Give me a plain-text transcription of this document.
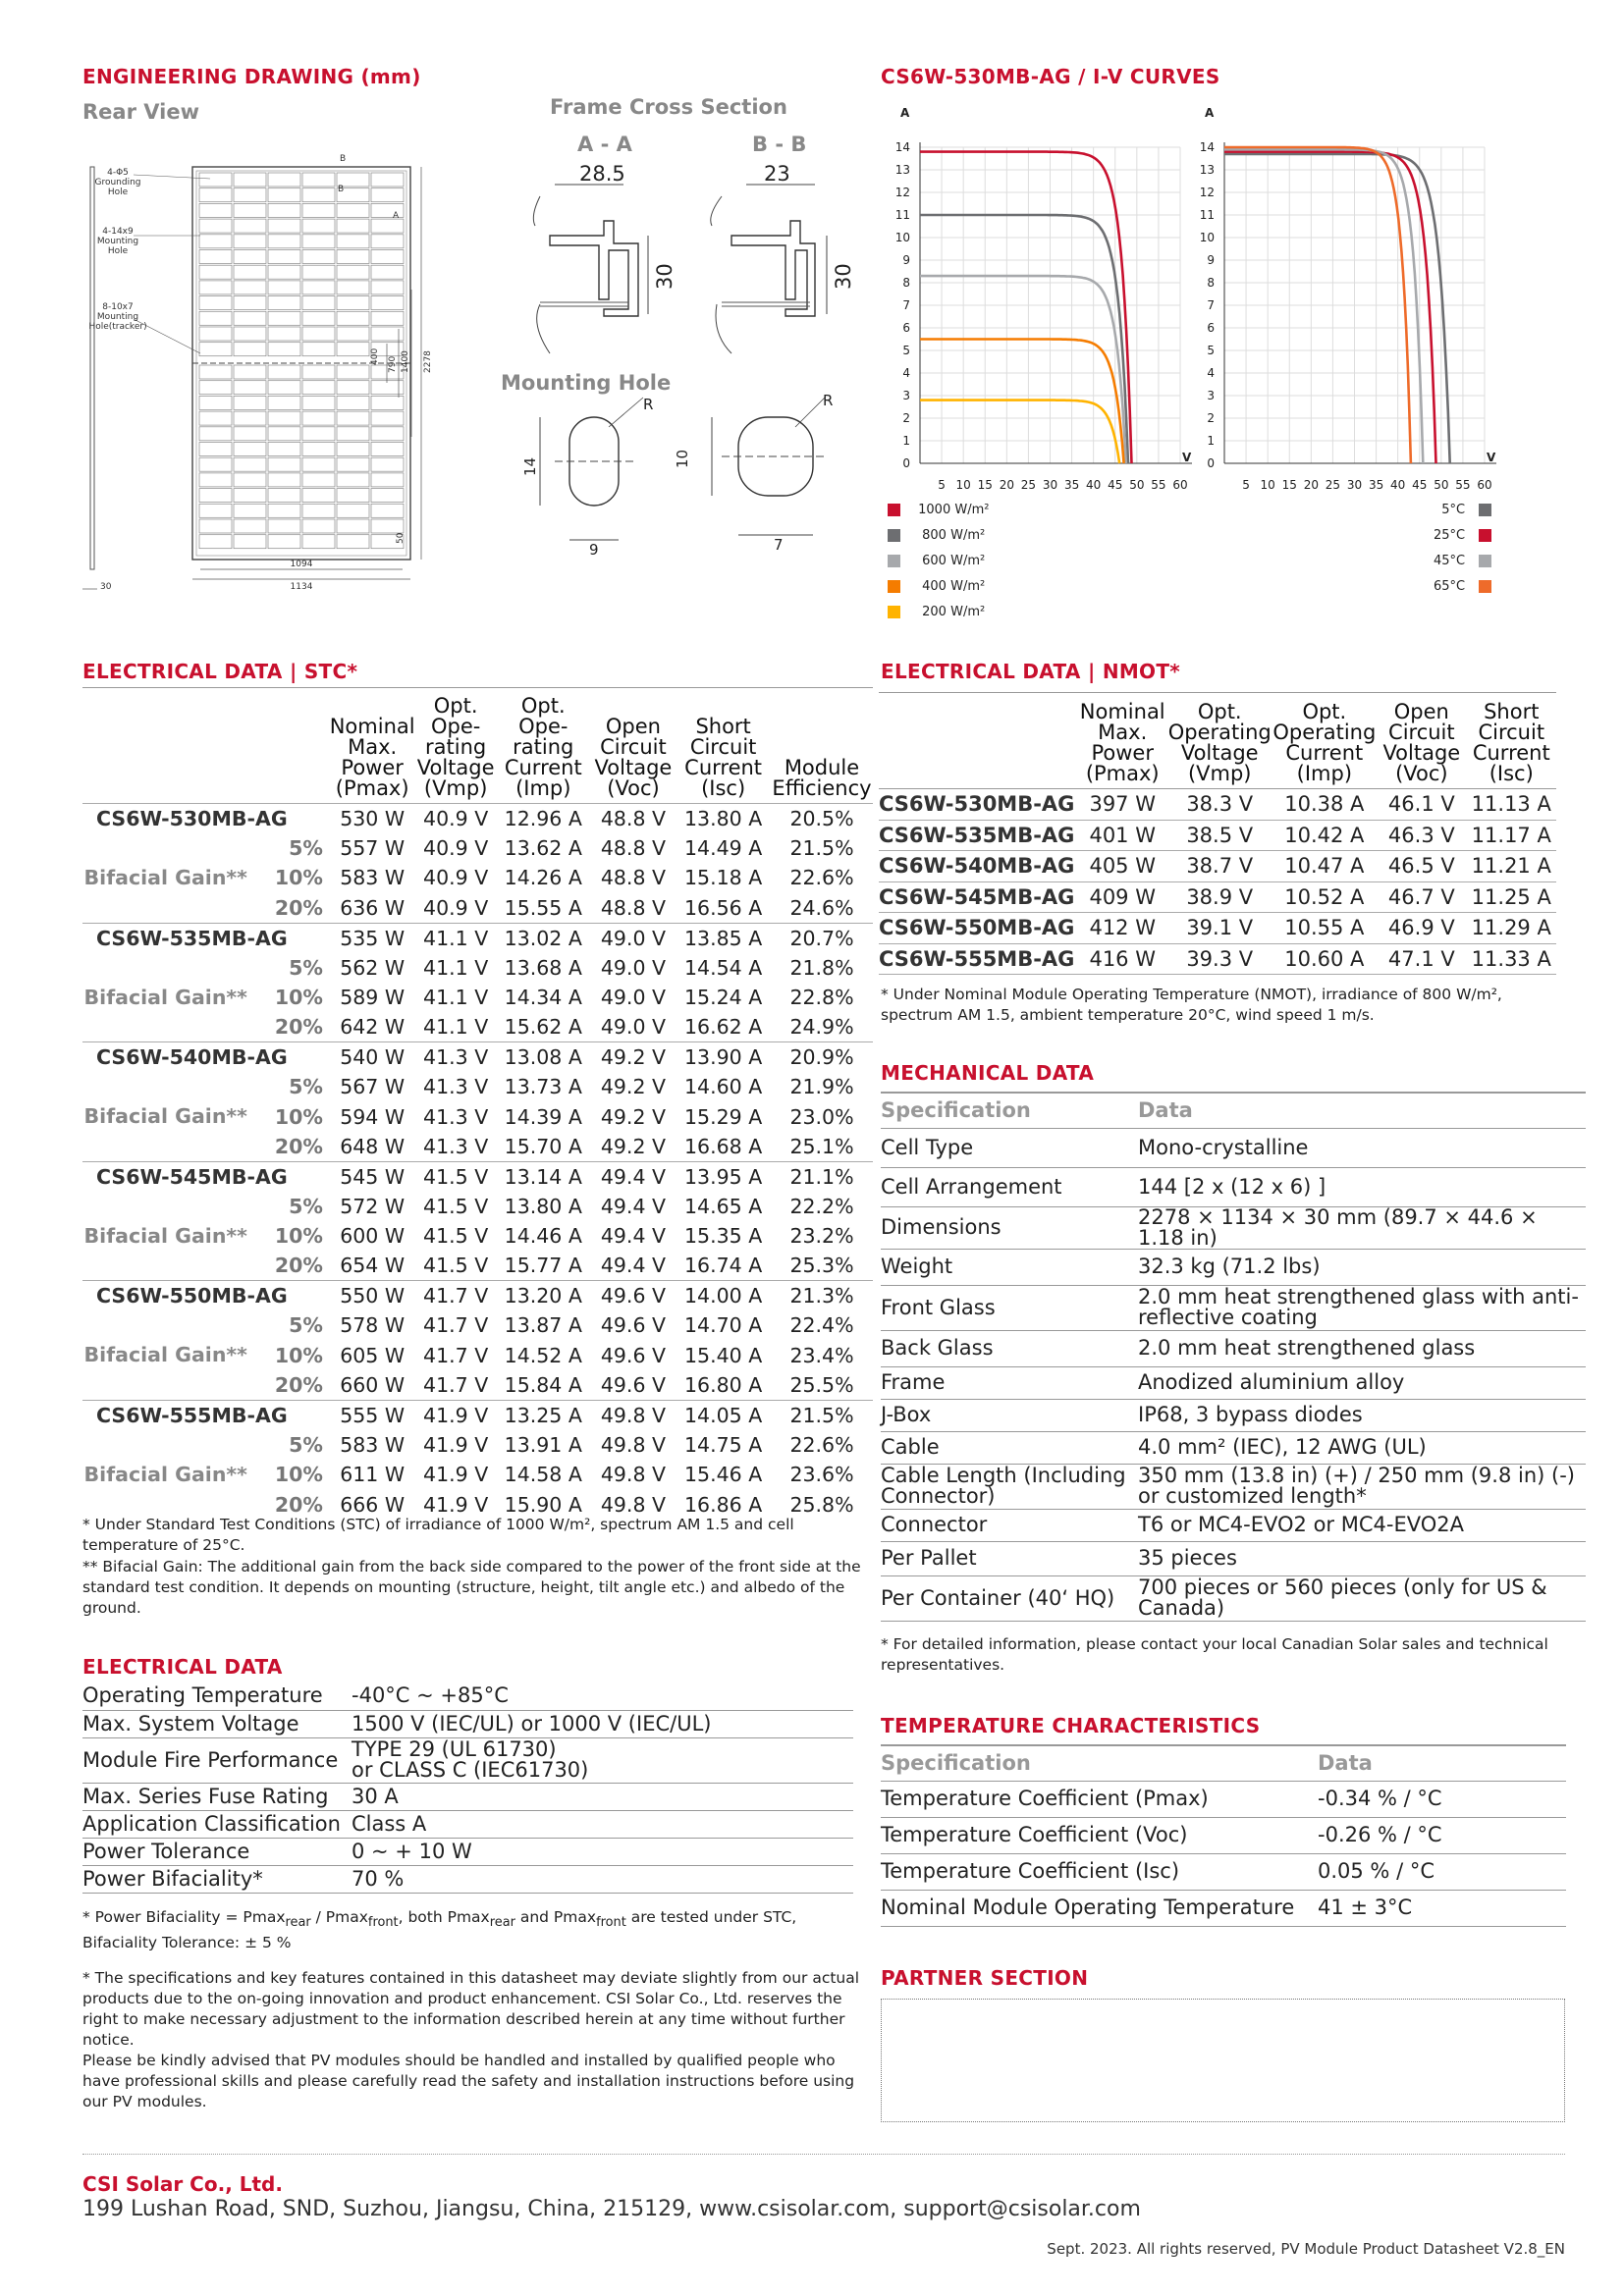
ENGINEERING DRAWING (mm)
Rear View	Frame Cross Section
Mounting Hole
4-Φ5 Grounding Hole
4-14x9 Mounting Hole
8-10x7 Mounting Hole(tracker)
B
B
A
400 790 1400 2278
50
1094
1134
30
A - A	B - B
28.5
30
23
30
14
9
R
10
7
R
CS6W-530MB-AG / I-V CURVES
A
V
0
1
2
3
4
5
6
7
8
9
10
11
12
13
14
5 10 15 20 25 30 35 40 45 50 55 60
A
V
0
1
2
3
4
5
6
7
8
9
10
11
12
13
14
5 10 15 20 25 30 35 40 45 50 55 60
1000 W/m²
800 W/m²
600 W/m²
400 W/m²
200 W/m²
5°C
25°C
45°C
65°C
ELECTRICAL DATA | STC*
		Nominal Max. Power (Pmax)	Opt. Ope-rating Voltage (Vmp)	Opt. Ope-rating Current (Imp)	Open Circuit Voltage (Voc)	Short Circuit Current (Isc)	Module Efficiency
CS6W-530MB-AG		530 W	40.9 V	12.96 A	48.8 V	13.80 A	20.5%
Bifacial Gain**	5%	557 W	40.9 V	13.62 A	48.8 V	14.49 A	21.5%
	10%	583 W	40.9 V	14.26 A	48.8 V	15.18 A	22.6%
	20%	636 W	40.9 V	15.55 A	48.8 V	16.56 A	24.6%
CS6W-535MB-AG		535 W	41.1 V	13.02 A	49.0 V	13.85 A	20.7%
Bifacial Gain**	5%	562 W	41.1 V	13.68 A	49.0 V	14.54 A	21.8%
	10%	589 W	41.1 V	14.34 A	49.0 V	15.24 A	22.8%
	20%	642 W	41.1 V	15.62 A	49.0 V	16.62 A	24.9%
CS6W-540MB-AG		540 W	41.3 V	13.08 A	49.2 V	13.90 A	20.9%
Bifacial Gain**	5%	567 W	41.3 V	13.73 A	49.2 V	14.60 A	21.9%
	10%	594 W	41.3 V	14.39 A	49.2 V	15.29 A	23.0%
	20%	648 W	41.3 V	15.70 A	49.2 V	16.68 A	25.1%
CS6W-545MB-AG		545 W	41.5 V	13.14 A	49.4 V	13.95 A	21.1%
Bifacial Gain**	5%	572 W	41.5 V	13.80 A	49.4 V	14.65 A	22.2%
	10%	600 W	41.5 V	14.46 A	49.4 V	15.35 A	23.2%
	20%	654 W	41.5 V	15.77 A	49.4 V	16.74 A	25.3%
CS6W-550MB-AG		550 W	41.7 V	13.20 A	49.6 V	14.00 A	21.3%
Bifacial Gain**	5%	578 W	41.7 V	13.87 A	49.6 V	14.70 A	22.4%
	10%	605 W	41.7 V	14.52 A	49.6 V	15.40 A	23.4%
	20%	660 W	41.7 V	15.84 A	49.6 V	16.80 A	25.5%
CS6W-555MB-AG		555 W	41.9 V	13.25 A	49.8 V	14.05 A	21.5%
Bifacial Gain**	5%	583 W	41.9 V	13.91 A	49.8 V	14.75 A	22.6%
	10%	611 W	41.9 V	14.58 A	49.8 V	15.46 A	23.6%
	20%	666 W	41.9 V	15.90 A	49.8 V	16.86 A	25.8%
* Under Standard Test Conditions (STC) of irradiance of 1000 W/m², spectrum AM 1.5 and cell temperature of 25°C.
** Bifacial Gain: The additional gain from the back side compared to the power of the front side at the standard test condition. It depends on mounting (structure, height, tilt angle etc.) and albedo of the ground.
ELECTRICAL DATA
Operating Temperature	-40°C ~ +85°C
Max. System Voltage	1500 V (IEC/UL) or 1000 V (IEC/UL)
Module Fire Performance	TYPE 29 (UL 61730)
or CLASS C (IEC61730)
Max. Series Fuse Rating	30 A
Application Classification	Class A
Power Tolerance	0 ~ + 10 W
Power Bifaciality*	70 %
* Power Bifaciality = Pmax$_{rear}$ / Pmax$_{front}$, both Pmax$_{rear}$ and Pmax$_{front}$ are tested under STC, Bifaciality Tolerance: ± 5 %
* The specifications and key features contained in this datasheet may deviate slightly from our actual products due to the on-going innovation and product enhancement. CSI Solar Co., Ltd. reserves the right to make necessary adjustment to the information described herein at any time without further notice.
Please be kindly advised that PV modules should be handled and installed by qualified people who have professional skills and please carefully read the safety and installation instructions before using our PV modules.
ELECTRICAL DATA | NMOT*
	Nominal Max. Power (Pmax)	Opt. Operating Voltage (Vmp)	Opt. Operating Current (Imp)	Open Circuit Voltage (Voc)	Short Circuit Current (Isc)
CS6W-530MB-AG	397 W	38.3 V	10.38 A	46.1 V	11.13 A
CS6W-535MB-AG	401 W	38.5 V	10.42 A	46.3 V	11.17 A
CS6W-540MB-AG	405 W	38.7 V	10.47 A	46.5 V	11.21 A
CS6W-545MB-AG	409 W	38.9 V	10.52 A	46.7 V	11.25 A
CS6W-550MB-AG	412 W	39.1 V	10.55 A	46.9 V	11.29 A
CS6W-555MB-AG	416 W	39.3 V	10.60 A	47.1 V	11.33 A
* Under Nominal Module Operating Temperature (NMOT), irradiance of 800 W/m², spectrum AM 1.5, ambient temperature 20°C, wind speed 1 m/s.
MECHANICAL DATA
Specification	Data
Cell Type	Mono-crystalline
Cell Arrangement	144 [2 x (12 x 6) ]
Dimensions	2278 × 1134 × 30 mm (89.7 × 44.6 × 1.18 in)
Weight	32.3 kg (71.2 lbs)
Front Glass	2.0 mm heat strengthened glass with anti-reflective coating
Back Glass	2.0 mm heat strengthened glass
Frame	Anodized aluminium alloy
J-Box	IP68, 3 bypass diodes
Cable	4.0 mm² (IEC), 12 AWG (UL)
Cable Length (Including Connector)	350 mm (13.8 in) (+) / 250 mm (9.8 in) (-) or customized length*
Connector	T6 or MC4-EVO2 or MC4-EVO2A
Per Pallet	35 pieces
Per Container (40‘ HQ)	700 pieces or 560 pieces (only for US & Canada)
* For detailed information, please contact your local Canadian Solar sales and technical representatives.
TEMPERATURE CHARACTERISTICS
Specification	Data
Temperature Coefficient (Pmax)	-0.34 % / °C
Temperature Coefficient (Voc)	-0.26 % / °C
Temperature Coefficient (Isc)	0.05 % / °C
Nominal Module Operating Temperature	41 ± 3°C
PARTNER SECTION
CSI Solar Co., Ltd.
199 Lushan Road, SND, Suzhou, Jiangsu, China, 215129, www.csisolar.com, support@csisolar.com
Sept. 2023. All rights reserved, PV Module Product Datasheet V2.8_EN
